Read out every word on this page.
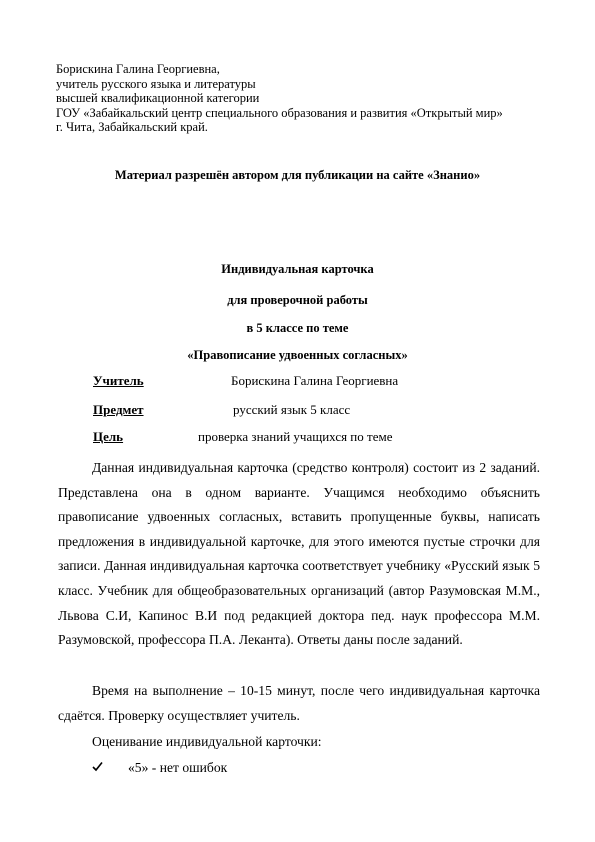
Борискина Галина Георгиевна,
учитель русского языка и литературы
высшей квалификационной категории
ГОУ «Забайкальский центр специального образования и развития «Открытый мир»
г. Чита, Забайкальский край.
Материал разрешён автором для публикации на сайте «Знанио»
Индивидуальная карточка
для проверочной работы
в 5 классе по теме
«Правописание удвоенных согласных»
Учитель	Борискина Галина Георгиевна
Предмет	русский язык 5 класс
Цель	проверка знаний учащихся по теме
Данная индивидуальная карточка (средство контроля) состоит из 2 заданий. Представлена она в одном варианте. Учащимся необходимо объяснить правописание удвоенных согласных, вставить пропущенные буквы, написать предложения в индивидуальной карточке, для этого имеются пустые строчки для записи. Данная индивидуальная карточка соответствует учебнику «Русский язык 5 класс. Учебник для общеобразовательных организаций (автор Разумовская М.М., Львова С.И, Капинос В.И под редакцией доктора пед. наук профессора М.М. Разумовской, профессора П.А. Леканта). Ответы даны после заданий.
Время на выполнение – 10-15 минут, после чего индивидуальная карточка сдаётся. Проверку осуществляет учитель.
Оценивание индивидуальной карточки:
«5» - нет ошибок
